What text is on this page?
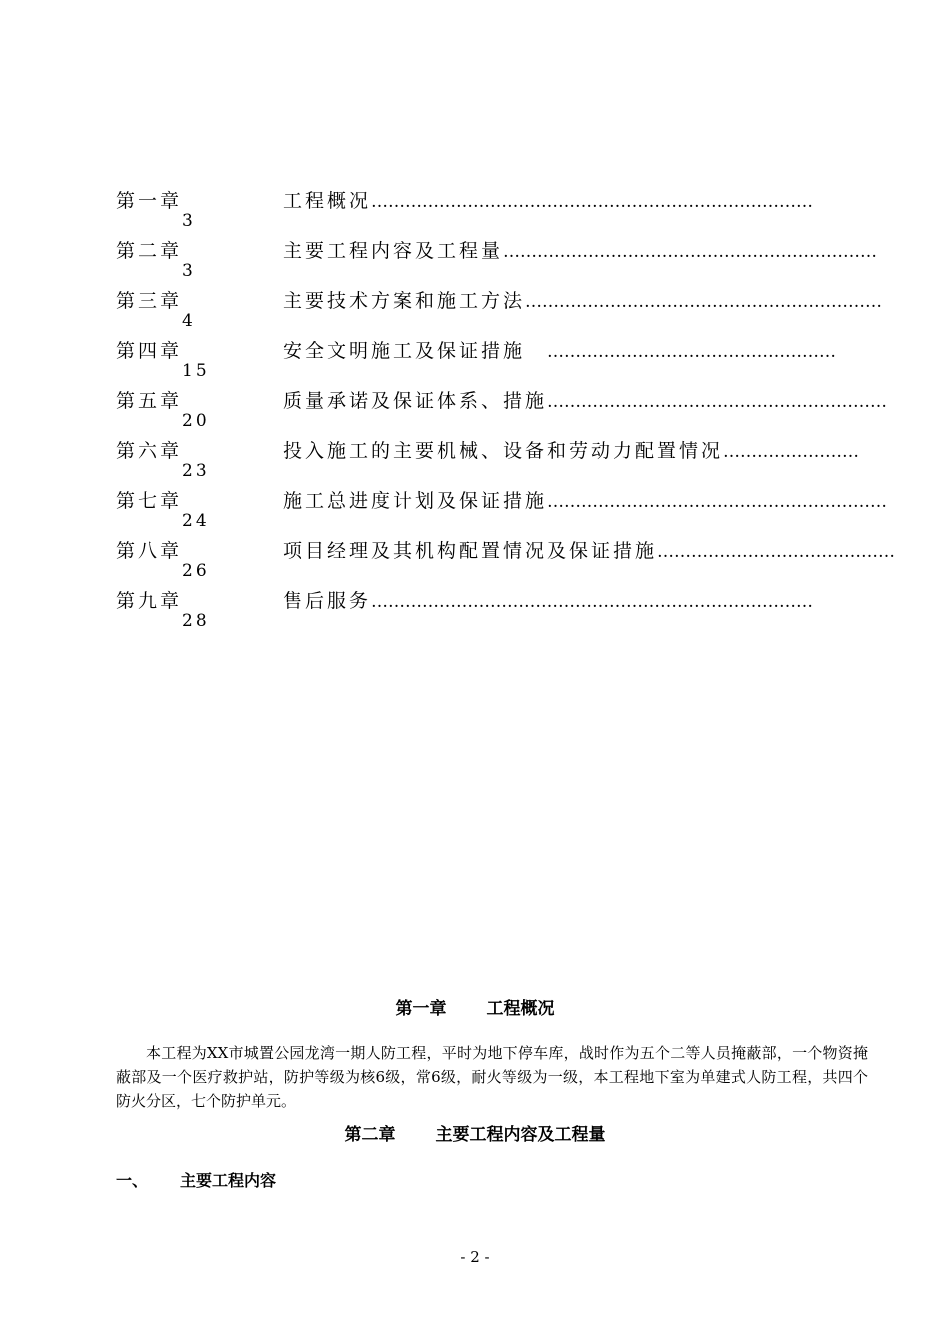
第一章	工程概况……………………………………………………………………
3
第二章	主要工程内容及工程量…………………………………………………………
3
第三章	主要技术方案和施工方法………………………………………………………
4
第四章	安全文明施工及保证措施　……………………………………………
15
第五章	质量承诺及保证体系、措施……………………………………………………
20
第六章	投入施工的主要机械、设备和劳动力配置情况……………………
23
第七章	施工总进度计划及保证措施……………………………………………………
24
第八章	项目经理及其机构配置情况及保证措施……………………………………
26
第九章	售后服务……………………………………………………………………
28
第一章 工程概况

本工程为XX市城置公园龙湾一期人防工程，平时为地下停车库，战时作为五个二等人员掩蔽部，一个物资掩蔽部及一个医疗救护站，防护等级为核6级，常6级，耐火等级为一级，本工程地下室为单建式人防工程，共四个防火分区，七个防护单元。

第二章 主要工程内容及工程量
一、 主要工程内容
- 2 -
